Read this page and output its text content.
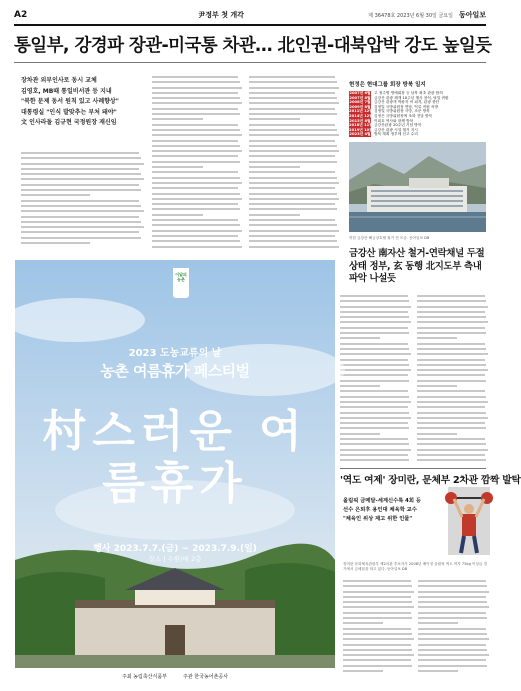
A2	尹정부 첫 개각	제 36478호 2023년 6월 30일 금요일 동아일보
통일부, 강경파 장관-미국통 차관… 北인권-대북압박 강도 높일듯
장차관 외부인사로 동시 교체
김영호, MB때 통일비서관 등 지내
"북한 문제 동서 원칙 있고 사례향상"
대통령실 "인식 발맞추는 부처 돼야"
文 인사라돌 김규현 국정원장 재신임
현정은 현대그룹 회장 방북 일지
2007년 6월 고 정주영 명예회장 등 남북 최초 관광 합의
2007년 8월 금강산 관광 재개 10주년 행사 참석, 당일 귀환
2008년 7월 금강산 관광객 박왕자 씨 피격, 관광 중단
2009년 8월 김정일 국방위원장 면담, 억류 직원 석방
2011년 12월 김정일 국방위원장 사망, 조문 방북
2014년 12월 김정은 국방위원장에 조화 전달 방북
2015년 8월 이희호 여사와 함께 방북
2018년 11월 금강산관광 20주년 기념 방북
2019년 10월 금강산 관광 시설 철거 지시
2023년 4월 방북 계획 정부에 신고 수리
북한 금강산 해금강호텔 철거 전 모습. 동아일보 DB
금강산 南자산 철거-연락채널 두절 상태 정부, 玄 동행 北지도부 측내 파악 나설듯
이달의 농촌
2023 도농교류의 날
농촌 여름휴가 페스티벌
村스러운 여름휴가
행사 2023.7.7.(금) ~ 2023.7.9.(일)
장소 | 수원(메 2층
주최 농림축산식품부	주관 한국농어촌공사
'역도 여제' 장미란, 문체부 2차관 깜짝 발탁
올림픽 금메달-세계신수록 4회 등
선수 은퇴후 용인대 체육학 교수
"체육인 위상 제고 위한 인물"
장미란 문화체육관광부 제2차관 후보자가 2008년 베이징 올림픽 역도 여자 75kg 이상급 경기에서 금메달을 따고 있다. 동아일보 DB
